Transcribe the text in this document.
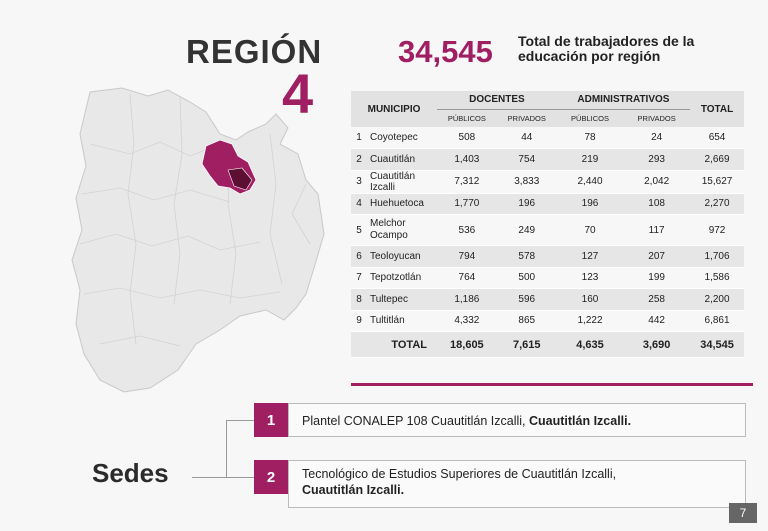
REGIÓN
4
34,545 Total de trabajadores de la educación por región
MUNICIPIO		DOCENTES		ADMINISTRATIVOS		TOTAL
		PÚBLICOS	PRIVADOS	PÚBLICOS	PRIVADOS	
1	Coyotepec	508	44	78	24	654
2	Cuautitlán	1,403	754	219	293	2,669
3	Cuautitlán Izcalli	7,312	3,833	2,440	2,042	15,627
4	Huehuetoca	1,770	196	196	108	2,270
5	Melchor Ocampo	536	249	70	117	972
6	Teoloyucan	794	578	127	207	1,706
7	Tepotzotlán	764	500	123	199	1,586
8	Tultepec	1,186	596	160	258	2,200
9	Tultitlán	4,332	865	1,222	442	6,861
TOTAL		18,605	7,615	4,635	3,690	34,545
Sedes
1	Plantel CONALEP 108 Cuautitlán Izcalli, Cuautitlán Izcalli.
2	Tecnológico de Estudios Superiores de Cuautitlán Izcalli,
Cuautitlán Izcalli.
7
